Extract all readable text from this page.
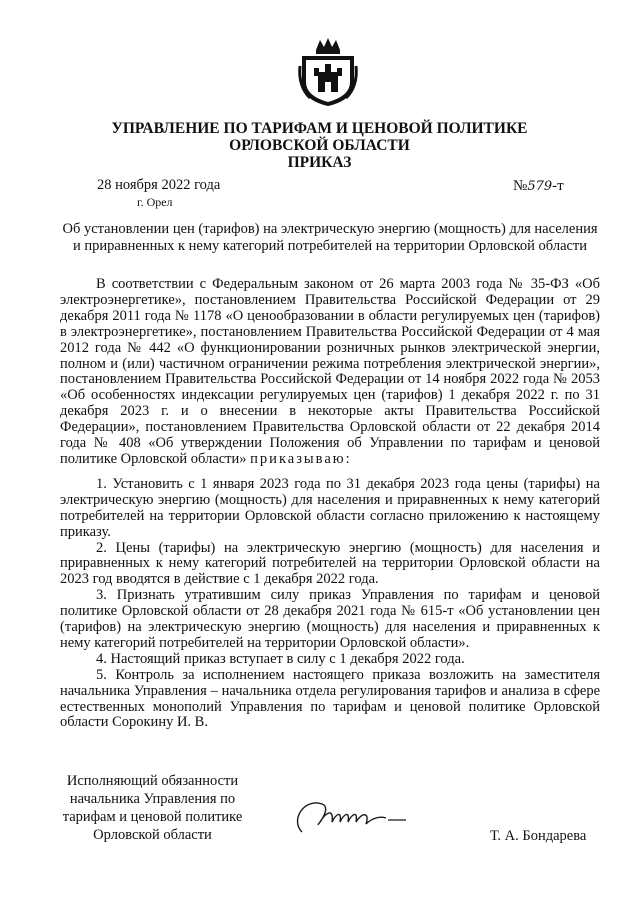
УПРАВЛЕНИЕ ПО ТАРИФАМ И ЦЕНОВОЙ ПОЛИТИКЕ

ОРЛОВСКОЙ ОБЛАСТИ

ПРИКАЗ

28 ноября 2022 года
г. Орел
№579-т
Об установлении цен (тарифов) на электрическую энергию (мощность) для населения и приравненных к нему категорий потребителей на территории Орловской области

В соответствии с Федеральным законом от 26 марта 2003 года № 35-ФЗ «Об электроэнергетике», постановлением Правительства Российской Федерации от 29 декабря 2011 года № 1178 «О ценообразовании в области регулируемых цен (тарифов) в электроэнергетике», постановлением Правительства Российской Федерации от 4 мая 2012 года № 442 «О функционировании розничных рынков электрической энергии, полном и (или) частичном ограничении режима потребления электрической энергии», постановлением Правительства Российской Федерации от 14 ноября 2022 года № 2053 «Об особенностях индексации регулируемых цен (тарифов) 1 декабря 2022 г. по 31 декабря 2023 г. и о внесении в некоторые акты Правительства Российской Федерации», постановлением Правительства Орловской области от 22 декабря 2014 года № 408 «Об утверждении Положения об Управлении по тарифам и ценовой политике Орловской области» приказываю:

1. Установить с 1 января 2023 года по 31 декабря 2023 года цены (тарифы) на электрическую энергию (мощность) для населения и приравненных к нему категорий потребителей на территории Орловской области согласно приложению к настоящему приказу.

2. Цены (тарифы) на электрическую энергию (мощность) для населения и приравненных к нему категорий потребителей на территории Орловской области на 2023 год вводятся в действие с 1 декабря 2022 года.

3. Признать утратившим силу приказ Управления по тарифам и ценовой политике Орловской области от 28 декабря 2021 года № 615-т «Об установлении цен (тарифов) на электрическую энергию (мощность) для населения и приравненных к нему категорий потребителей на территории Орловской области».

4. Настоящий приказ вступает в силу с 1 декабря 2022 года.

5. Контроль за исполнением настоящего приказа возложить на заместителя начальника Управления – начальника отдела регулирования тарифов и анализа в сфере естественных монополий Управления по тарифам и ценовой политике Орловской области Сорокину И. В.

Исполняющий обязанности
начальника Управления по
тарифам и ценовой политике
Орловской области	Т. А. Бондарева
